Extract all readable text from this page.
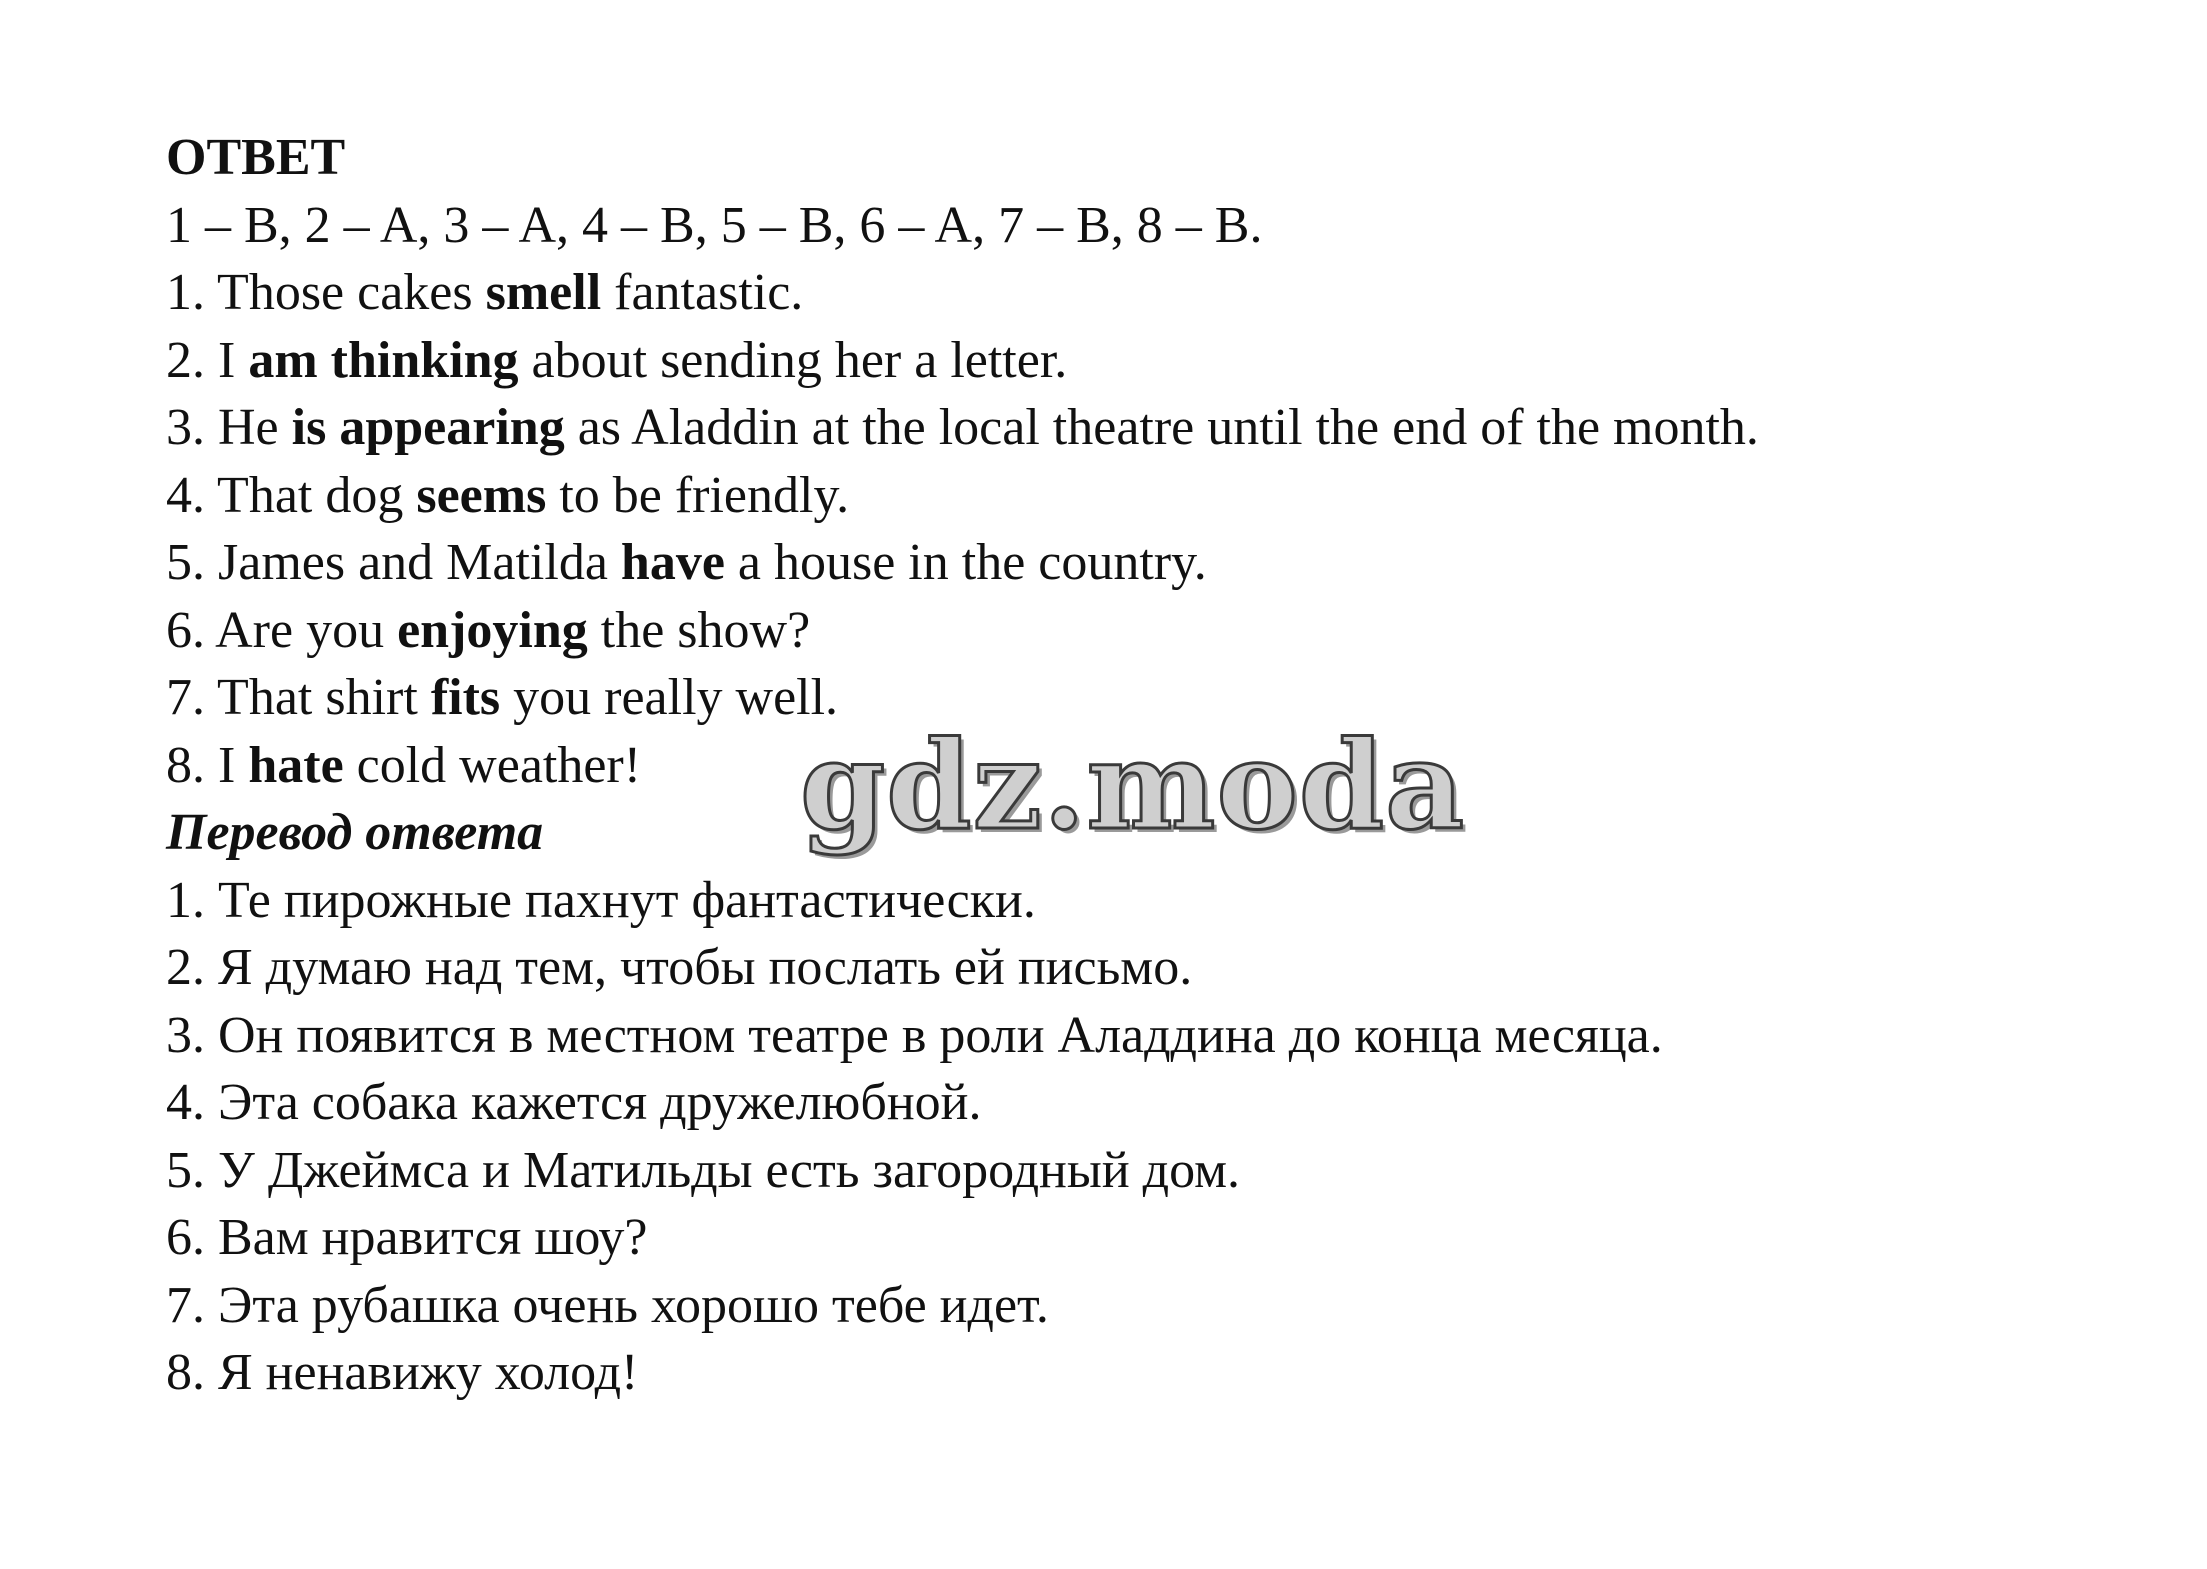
ОТВЕТ
1 – B, 2 – A, 3 – A, 4 – B, 5 – B, 6 – A, 7 – B, 8 – B.
1. Those cakes smell fantastic.
2. I am thinking about sending her a letter.
3. He is appearing as Aladdin at the local theatre until the end of the month.
4. That dog seems to be friendly.
5. James and Matilda have a house in the country.
6. Are you enjoying the show?
7. That shirt fits you really well.
8. I hate cold weather!
Перевод ответа
1. Те пирожные пахнут фантастически.
2. Я думаю над тем, чтобы послать ей письмо.
3. Он появится в местном театре в роли Аладдина до конца месяца.
4. Эта собака кажется дружелюбной.
5. У Джеймса и Матильды есть загородный дом.
6. Вам нравится шоу?
7. Эта рубашка очень хорошо тебе идет.
8. Я ненавижу холод!
gdz.moda
